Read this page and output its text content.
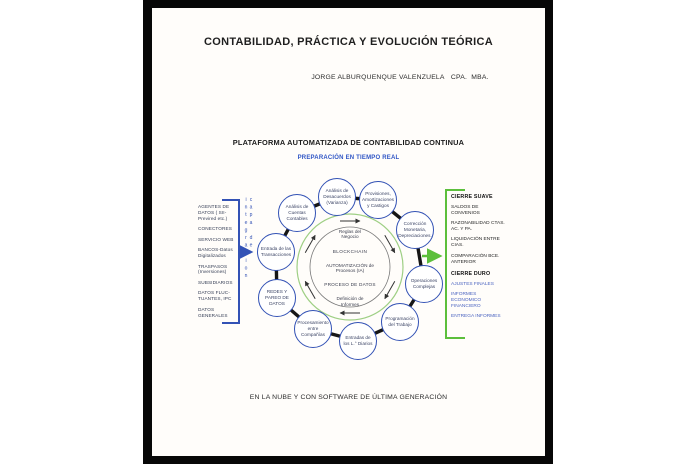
CONTABILIDAD, PRÁCTICA Y EVOLUCIÓN TEÓRICA
JORGE ALBURQUENQUE VALENZUELA   CPA.  MBA.
PLATAFORMA AUTOMATIZADA DE CONTABILIDAD CONTINUA
PREPARACIÓN EN TIEMPO REAL
AGENTES DE DATOS ( SII- Previred etc.)
CONECTORES
SERVICIO WEB
BANCOS-Datos Digitalizados
TRASPASOS (Inversiones)
SUBSIDIARIOS
DATOS FLUC- TUANTES, IPC
DATOS GENERALES
capa de integracion	CIERRE SUAVE
SALDOS DE CONVENIOS
RAZONABILIDAD CTAS. AC. Y PA.
LIQUIDACIÓN ENTRE CIAS.
COMPARACIÓN BCE. ANTERIOR
CIERRE DURO
AJUSTES FINALES
INFORMES ECONOMICO FINANCIERO
ENTREGA INFORMES
Análisis de Desacuerdos (Varianza)
Provisiones, Amortizaciones y Castigos
Corrección Monetaria, Depreciaciones.
Operaciones Complejas
Programación del Trabajo
Entradas de los L.° Diarios
Procesamiento entre Compañías
REDES Y PAREO DE DATOS
Entrada de las Transacciones
Análisis de Cuentas Contables
Reglas del Negocio
BLOCKCHAIN
AUTOMATIZACIÓN de Procesos (IA)
PROCESO DE DATOS
Definición de Informes
EN LA NUBE Y CON SOFTWARE DE ÚLTIMA GENERACIÓN
